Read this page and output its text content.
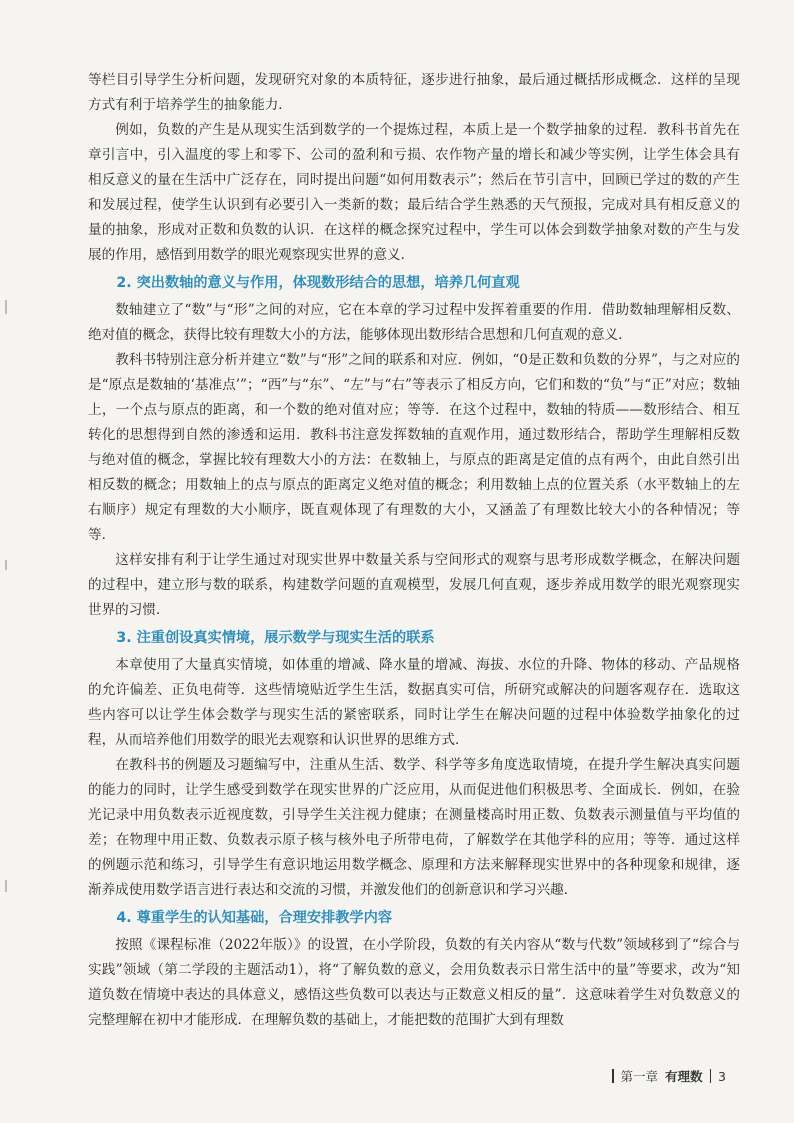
等栏目引导学生分析问题，发现研究对象的本质特征，逐步进行抽象，最后通过概括形成概念．这样的呈现方式有利于培养学生的抽象能力．

例如，负数的产生是从现实生活到数学的一个提炼过程，本质上是一个数学抽象的过程．教科书首先在章引言中，引入温度的零上和零下、公司的盈利和亏损、农作物产量的增长和减少等实例，让学生体会具有相反意义的量在生活中广泛存在，同时提出问题“如何用数表示”；然后在节引言中，回顾已学过的数的产生和发展过程，使学生认识到有必要引入一类新的数；最后结合学生熟悉的天气预报，完成对具有相反意义的量的抽象，形成对正数和负数的认识．在这样的概念探究过程中，学生可以体会到数学抽象对数的产生与发展的作用，感悟到用数学的眼光观察现实世界的意义．

2. 突出数轴的意义与作用，体现数形结合的思想，培养几何直观

数轴建立了“数”与“形”之间的对应，它在本章的学习过程中发挥着重要的作用．借助数轴理解相反数、绝对值的概念，获得比较有理数大小的方法，能够体现出数形结合思想和几何直观的意义．

教科书特别注意分析并建立“数”与“形”之间的联系和对应．例如，“0是正数和负数的分界”，与之对应的是“原点是数轴的‘基准点’”；“西”与“东”、“左”与“右”等表示了相反方向，它们和数的“负”与“正”对应；数轴上，一个点与原点的距离，和一个数的绝对值对应；等等．在这个过程中，数轴的特质——数形结合、相互转化的思想得到自然的渗透和运用．教科书注意发挥数轴的直观作用，通过数形结合，帮助学生理解相反数与绝对值的概念，掌握比较有理数大小的方法：在数轴上，与原点的距离是定值的点有两个，由此自然引出相反数的概念；用数轴上的点与原点的距离定义绝对值的概念；利用数轴上点的位置关系（水平数轴上的左右顺序）规定有理数的大小顺序，既直观体现了有理数的大小，又涵盖了有理数比较大小的各种情况；等等．

这样安排有利于让学生通过对现实世界中数量关系与空间形式的观察与思考形成数学概念，在解决问题的过程中，建立形与数的联系，构建数学问题的直观模型，发展几何直观，逐步养成用数学的眼光观察现实世界的习惯．

3. 注重创设真实情境，展示数学与现实生活的联系

本章使用了大量真实情境，如体重的增减、降水量的增减、海拔、水位的升降、物体的移动、产品规格的允许偏差、正负电荷等．这些情境贴近学生生活，数据真实可信，所研究或解决的问题客观存在．选取这些内容可以让学生体会数学与现实生活的紧密联系，同时让学生在解决问题的过程中体验数学抽象化的过程，从而培养他们用数学的眼光去观察和认识世界的思维方式．

在教科书的例题及习题编写中，注重从生活、数学、科学等多角度选取情境，在提升学生解决真实问题的能力的同时，让学生感受到数学在现实世界的广泛应用，从而促进他们积极思考、全面成长．例如，在验光记录中用负数表示近视度数，引导学生关注视力健康；在测量楼高时用正数、负数表示测量值与平均值的差；在物理中用正数、负数表示原子核与核外电子所带电荷，了解数学在其他学科的应用；等等．通过这样的例题示范和练习，引导学生有意识地运用数学概念、原理和方法来解释现实世界中的各种现象和规律，逐渐养成使用数学语言进行表达和交流的习惯，并激发他们的创新意识和学习兴趣．

4. 尊重学生的认知基础，合理安排教学内容

按照《课程标准（2022年版）》的设置，在小学阶段，负数的有关内容从“数与代数”领域移到了“综合与实践”领域（第二学段的主题活动1），将“了解负数的意义，会用负数表示日常生活中的量”等要求，改为“知道负数在情境中表达的具体意义，感悟这些负数可以表达与正数意义相反的量”．这意味着学生对负数意义的完整理解在初中才能形成．在理解负数的基础上，才能把数的范围扩大到有理数

第一章 有理数 3
